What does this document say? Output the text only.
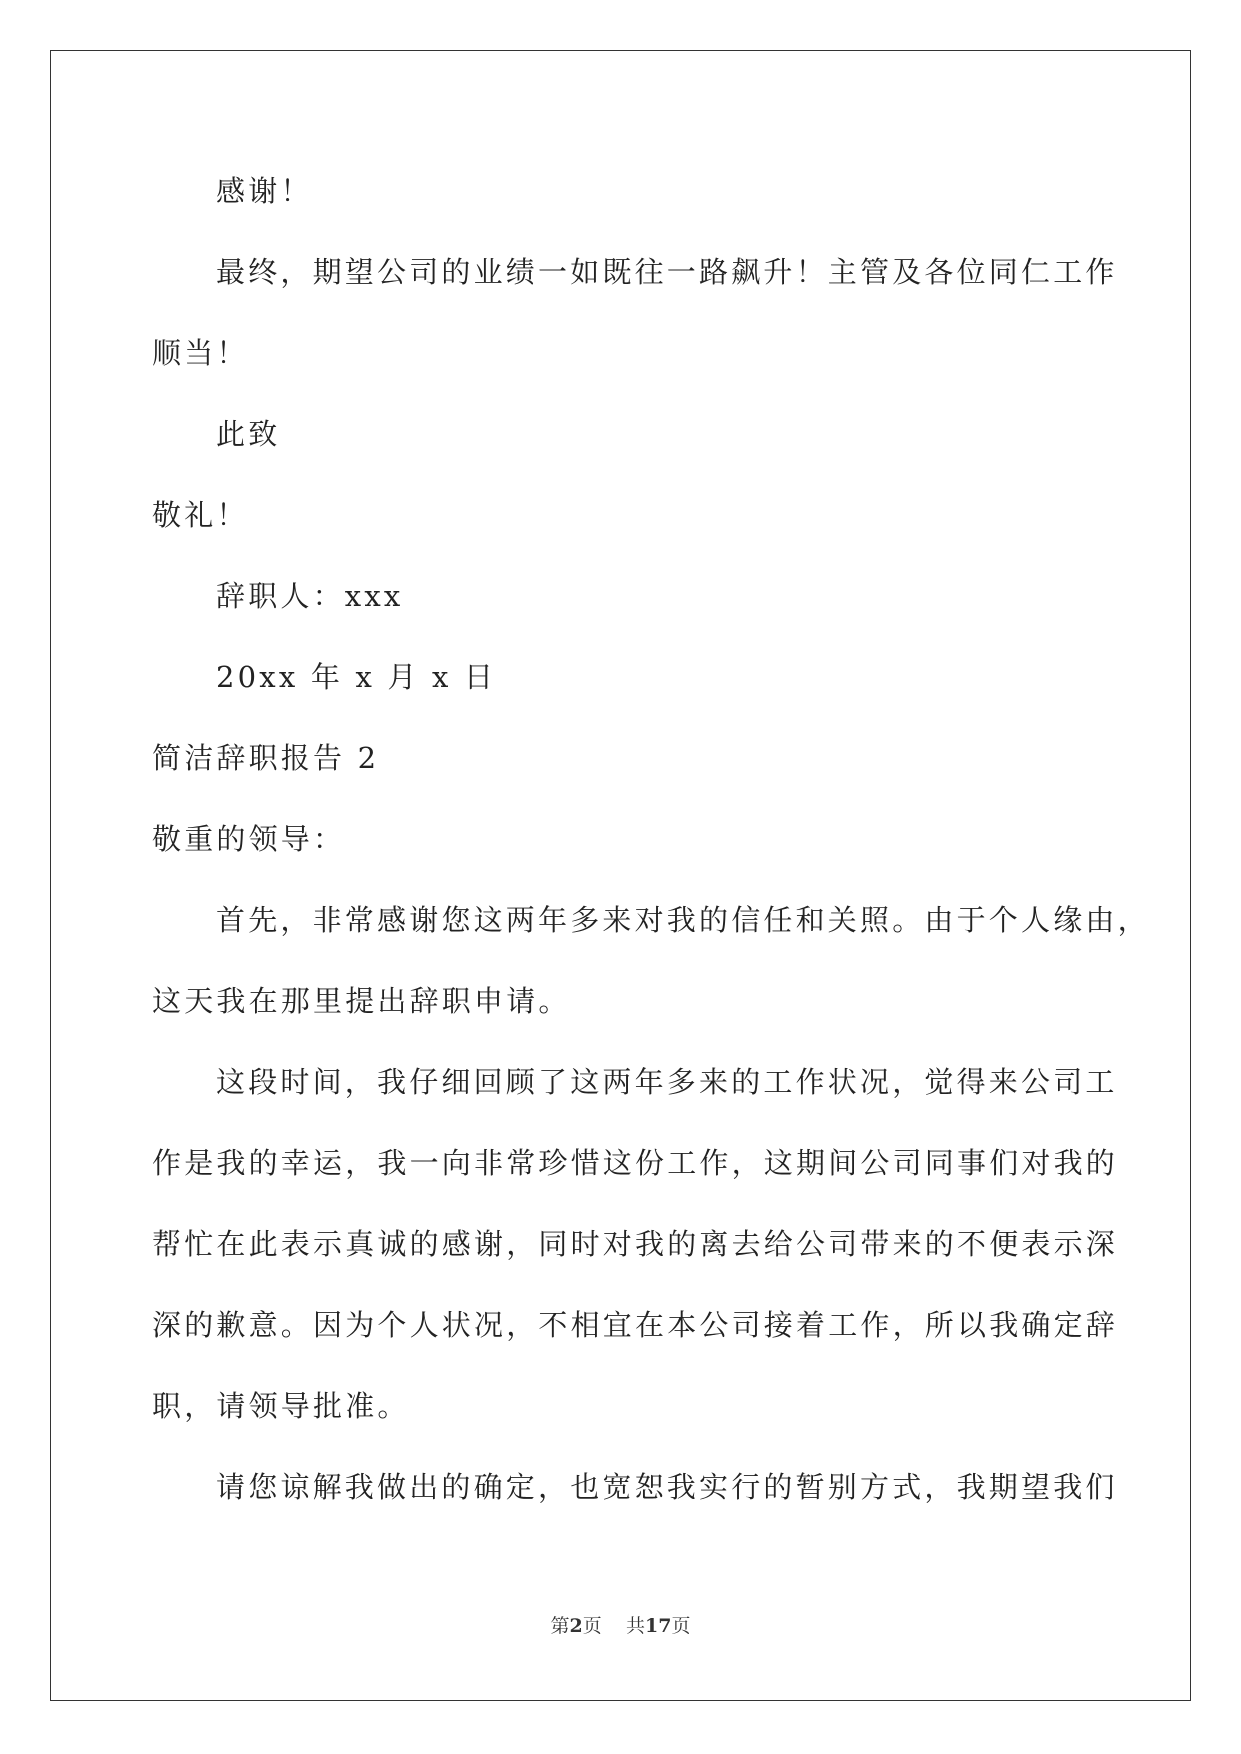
感谢！
最终，期望公司的业绩一如既往一路飙升！主管及各位同仁工作
顺当！
此致
敬礼！
辞职人：xxx
20xx 年 x 月 x 日
简洁辞职报告 2
敬重的领导：
首先，非常感谢您这两年多来对我的信任和关照。由于个人缘由，
这天我在那里提出辞职申请。
这段时间，我仔细回顾了这两年多来的工作状况，觉得来公司工
作是我的幸运，我一向非常珍惜这份工作，这期间公司同事们对我的
帮忙在此表示真诚的感谢，同时对我的离去给公司带来的不便表示深
深的歉意。因为个人状况，不相宜在本公司接着工作，所以我确定辞
职，请领导批准。
请您谅解我做出的确定，也宽恕我实行的暂别方式，我期望我们
第2页 共17页
